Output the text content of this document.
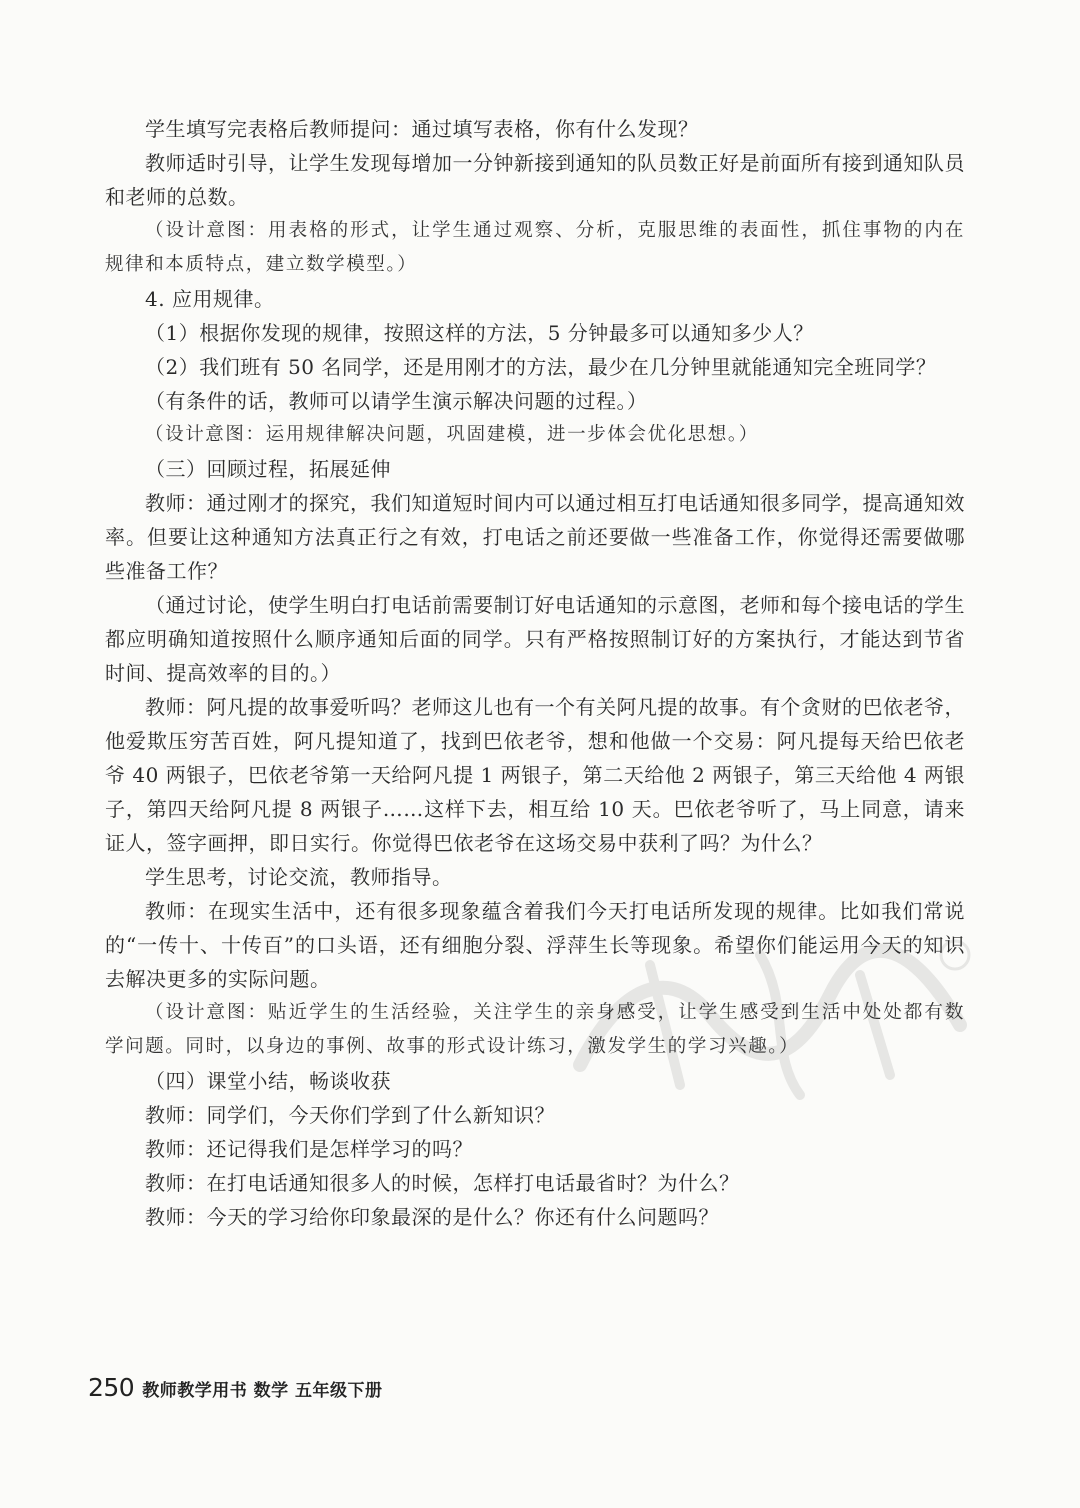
学生填写完表格后教师提问：通过填写表格，你有什么发现？

教师适时引导，让学生发现每增加一分钟新接到通知的队员数正好是前面所有接到通知队员和老师的总数。

（设计意图：用表格的形式，让学生通过观察、分析，克服思维的表面性，抓住事物的内在规律和本质特点，建立数学模型。）

4. 应用规律。

（1）根据你发现的规律，按照这样的方法，5 分钟最多可以通知多少人？

（2）我们班有 50 名同学，还是用刚才的方法，最少在几分钟里就能通知完全班同学？

（有条件的话，教师可以请学生演示解决问题的过程。）

（设计意图：运用规律解决问题，巩固建模，进一步体会优化思想。）

（三）回顾过程，拓展延伸

教师：通过刚才的探究，我们知道短时间内可以通过相互打电话通知很多同学，提高通知效率。但要让这种通知方法真正行之有效，打电话之前还要做一些准备工作，你觉得还需要做哪些准备工作？

（通过讨论，使学生明白打电话前需要制订好电话通知的示意图，老师和每个接电话的学生都应明确知道按照什么顺序通知后面的同学。只有严格按照制订好的方案执行，才能达到节省时间、提高效率的目的。）

教师：阿凡提的故事爱听吗？老师这儿也有一个有关阿凡提的故事。有个贪财的巴依老爷，他爱欺压穷苦百姓，阿凡提知道了，找到巴依老爷，想和他做一个交易：阿凡提每天给巴依老爷 40 两银子，巴依老爷第一天给阿凡提 1 两银子，第二天给他 2 两银子，第三天给他 4 两银子，第四天给阿凡提 8 两银子……这样下去，相互给 10 天。巴依老爷听了，马上同意，请来证人，签字画押，即日实行。你觉得巴依老爷在这场交易中获利了吗？为什么？

学生思考，讨论交流，教师指导。

教师：在现实生活中，还有很多现象蕴含着我们今天打电话所发现的规律。比如我们常说的“一传十、十传百”的口头语，还有细胞分裂、浮萍生长等现象。希望你们能运用今天的知识去解决更多的实际问题。

（设计意图：贴近学生的生活经验，关注学生的亲身感受，让学生感受到生活中处处都有数学问题。同时，以身边的事例、故事的形式设计练习，激发学生的学习兴趣。）

（四）课堂小结，畅谈收获

教师：同学们，今天你们学到了什么新知识？

教师：还记得我们是怎样学习的吗？

教师：在打电话通知很多人的时候，怎样打电话最省时？为什么？

教师：今天的学习给你印象最深的是什么？你还有什么问题吗？

250 教师教学用书 数学 五年级下册
